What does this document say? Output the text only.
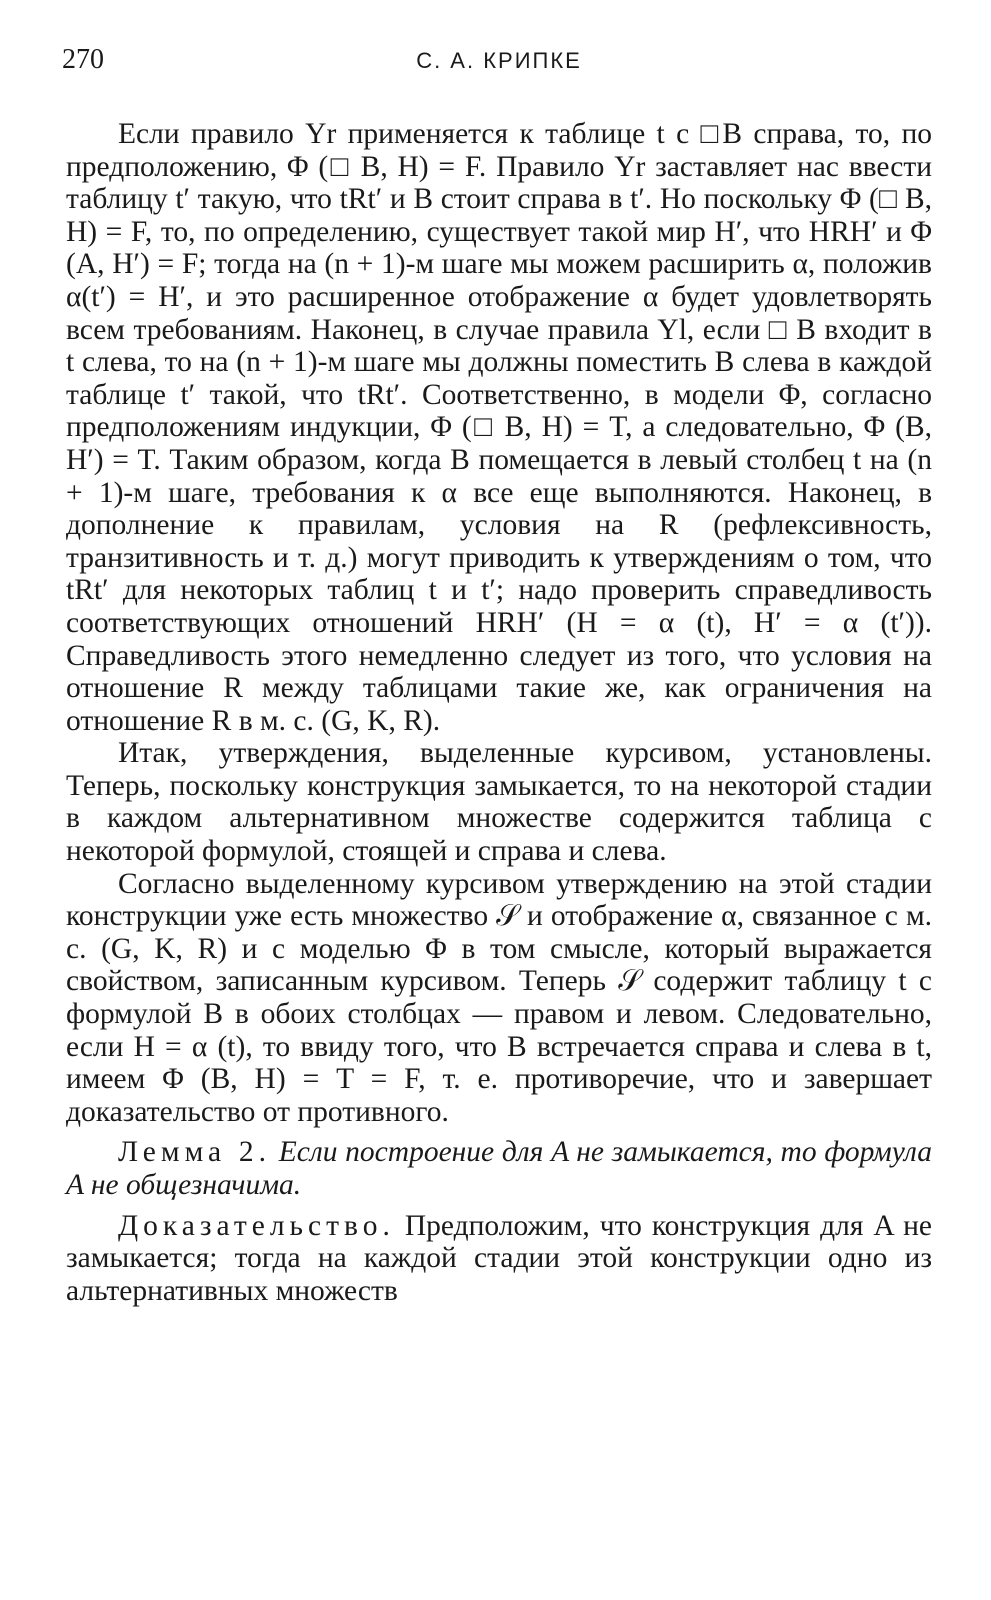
270	С. А. КРИПКЕ

Если правило Yr применяется к таблице t с □B справа, то, по предположению, Φ (□ B, H) = F. Правило Yr заставляет нас ввести таблицу t′ такую, что tRt′ и B стоит справа в t′. Но поскольку Φ (□ B, H) = F, то, по определению, существует такой мир H′, что HRH′ и Φ (A, H′) = F; тогда на (n + 1)-м шаге мы можем расширить α, положив α(t′) = H′, и это расширенное отображение α будет удовлетворять всем требованиям. Наконец, в случае правила Yl, если □ B входит в t слева, то на (n + 1)-м шаге мы должны поместить B слева в каждой таблице t′ такой, что tRt′. Соответственно, в модели Φ, согласно предположениям индукции, Φ (□ B, H) = T, а следовательно, Φ (B, H′) = T. Таким образом, когда B помещается в левый столбец t на (n + 1)-м шаге, требования к α все еще выполняются. Наконец, в дополнение к правилам, условия на R (рефлексивность, транзитивность и т. д.) могут приводить к утверждениям о том, что tRt′ для некоторых таблиц t и t′; надо проверить справедливость соответствующих отношений HRH′ (H = α (t), H′ = α (t′)). Справедливость этого немедленно следует из того, что условия на отношение R между таблицами такие же, как ограничения на отношение R в м. с. (G, K, R).

Итак, утверждения, выделенные курсивом, установлены. Теперь, поскольку конструкция замыкается, то на некоторой стадии в каждом альтернативном множестве содержится таблица с некоторой формулой, стоящей и справа и слева.

Согласно выделенному курсивом утверждению на этой стадии конструкции уже есть множество 𝒮 и отображение α, связанное с м. с. (G, K, R) и с моделью Φ в том смысле, который выражается свойством, записанным курсивом. Теперь 𝒮 содержит таблицу t с формулой B в обоих столбцах — правом и левом. Следовательно, если H = α (t), то ввиду того, что B встречается справа и слева в t, имеем Φ (B, H) = T = F, т. е. противоречие, что и завершает доказательство от противного.

Лемма 2. Если построение для A не замыкается, то формула A не общезначима.

Доказательство. Предположим, что конструкция для A не замыкается; тогда на каждой стадии этой конструкции одно из альтернативных множеств
